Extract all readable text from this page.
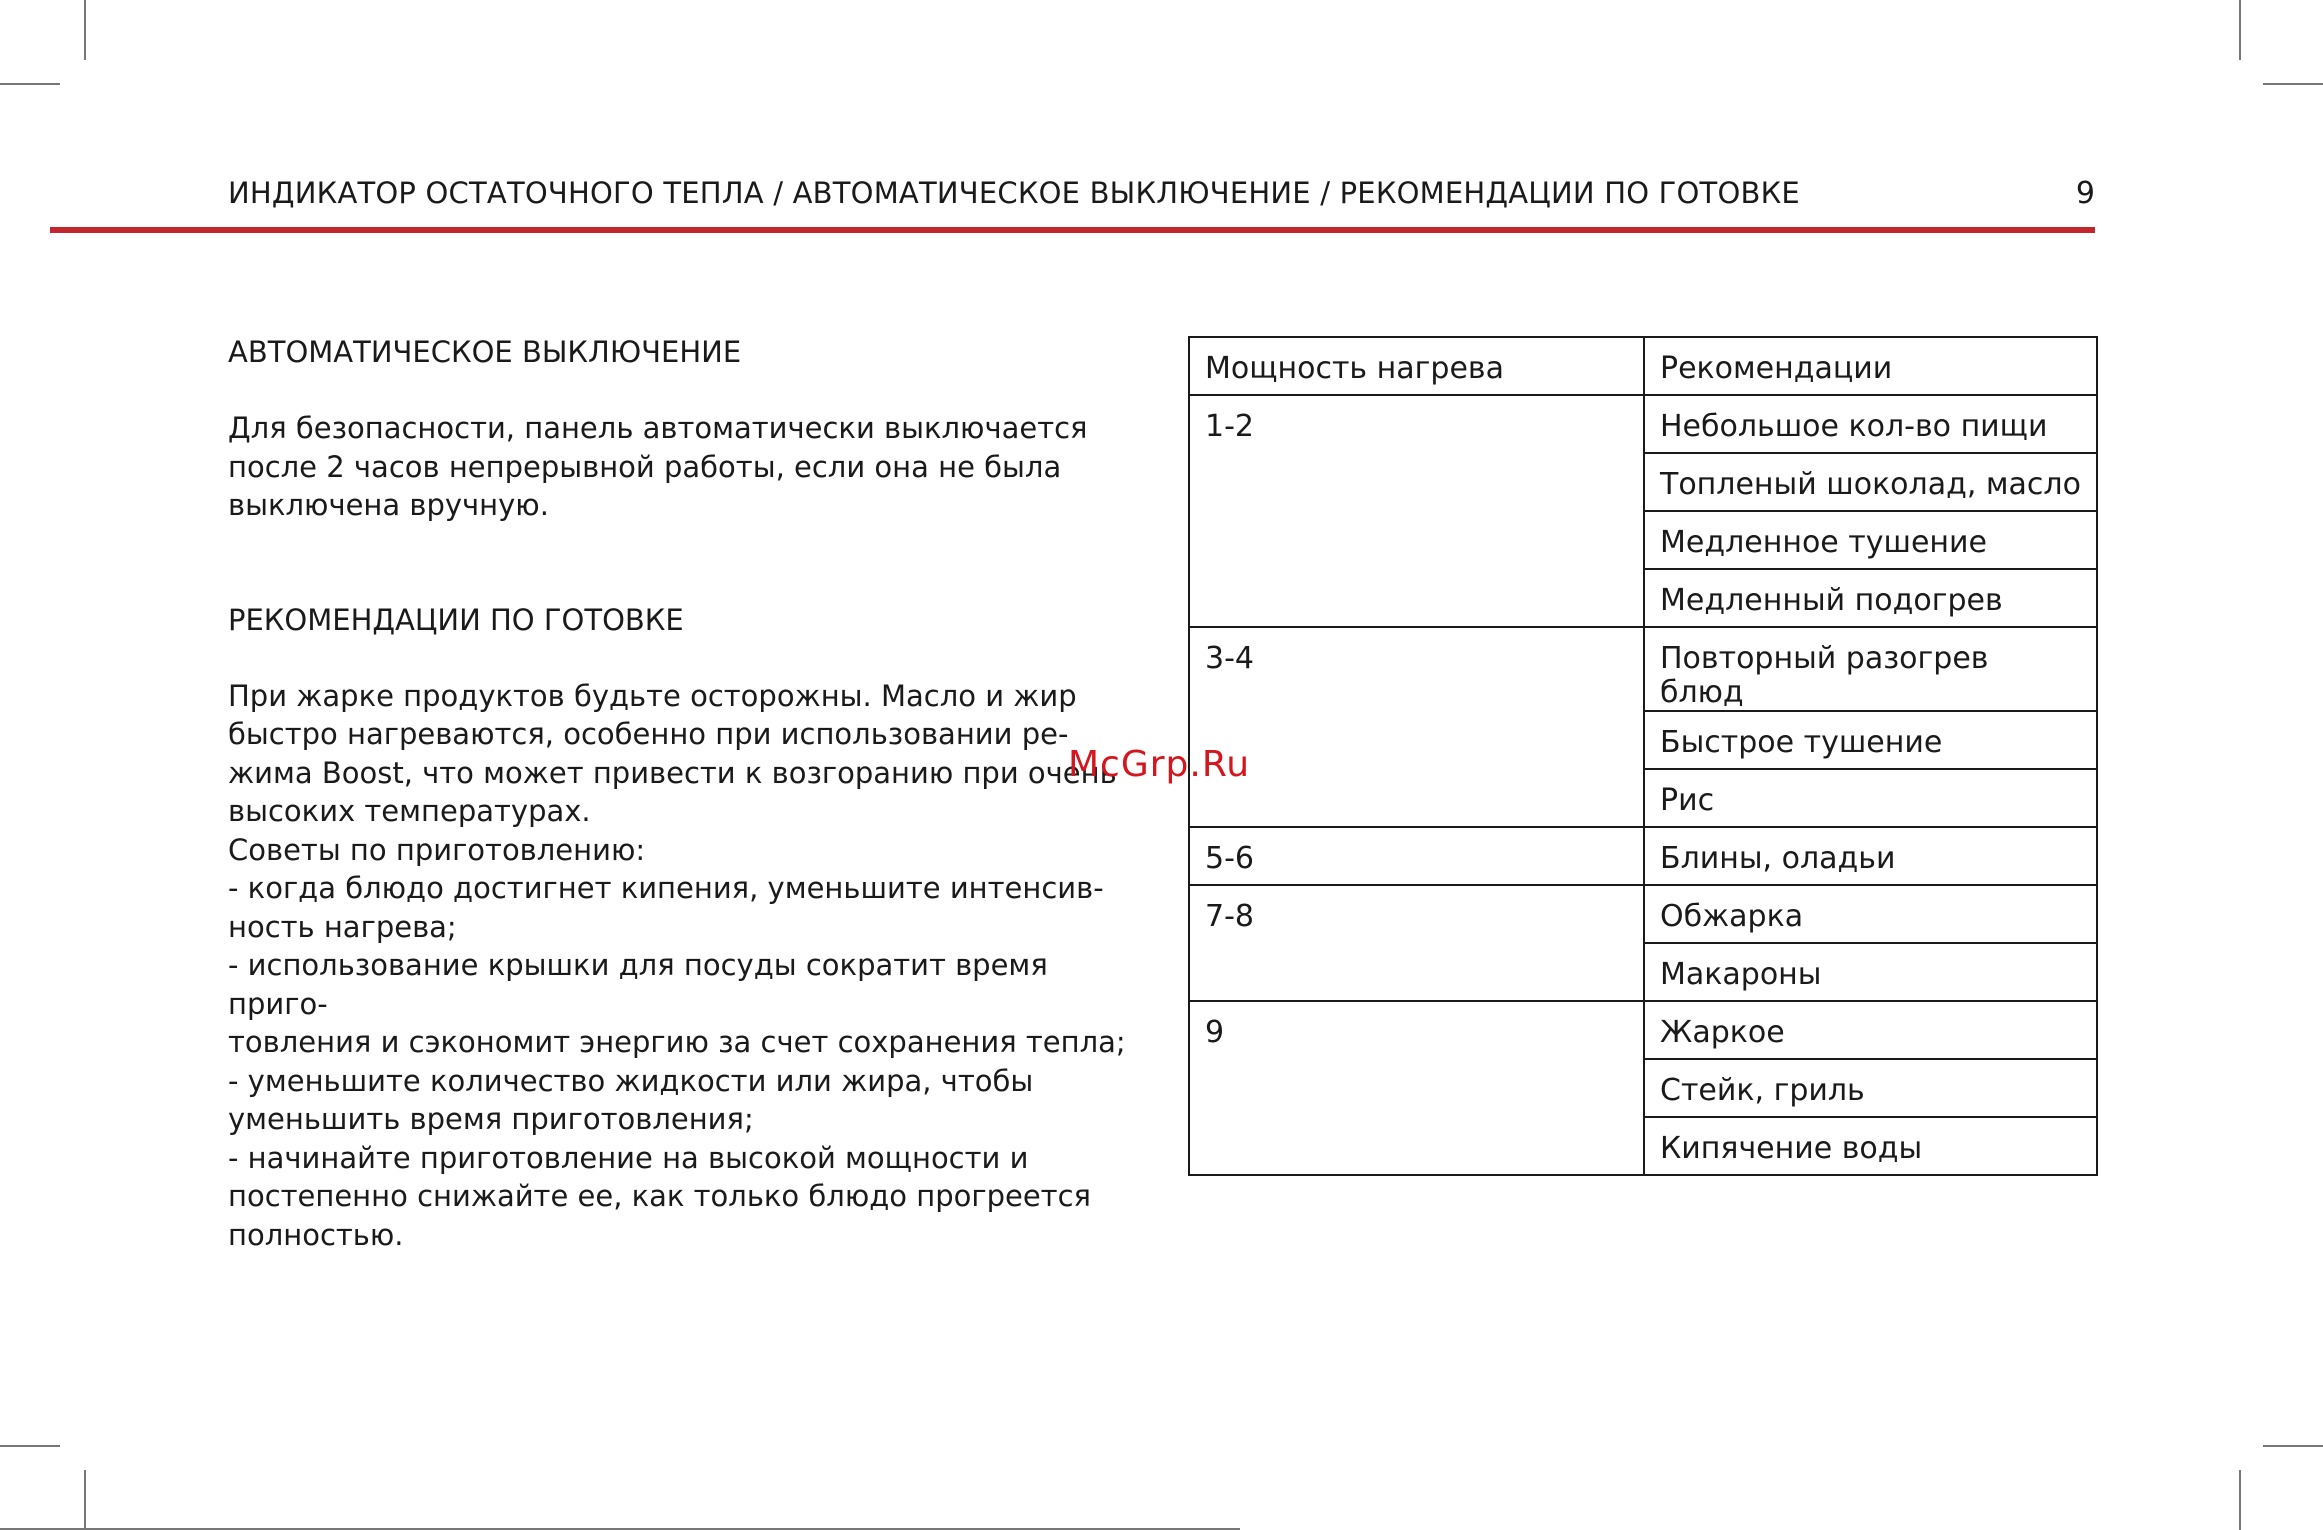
ИНДИКАТОР ОСТАТОЧНОГО ТЕПЛА / АВТОМАТИЧЕСКОЕ ВЫКЛЮЧЕНИЕ / РЕКОМЕНДАЦИИ ПО ГОТОВКЕ	9
АВТОМАТИЧЕСКОЕ ВЫКЛЮЧЕНИЕ

Для безопасности, панель автоматически выключается
после 2 часов непрерывной работы, если она не была
выключена вручную.

РЕКОМЕНДАЦИИ ПО ГОТОВКЕ

При жарке продуктов будьте осторожны. Масло и жир
быстро нагреваются, особенно при использовании ре-
жима Boost, что может привести к возгоранию при очень
высоких температурах.
Советы по приготовлению:
- когда блюдо достигнет кипения, уменьшите интенсив-
ность нагрева;
- использование крышки для посуды сократит время приго-
товления и сэкономит энергию за счет сохранения тепла;
- уменьшите количество жидкости или жира, чтобы
уменьшить время приготовления;
- начинайте приготовление на высокой мощности и
постепенно снижайте ее, как только блюдо прогреется
полностью.

Мощность нагрева	Рекомендации
1-2	Небольшое кол-во пищи
	Топленый шоколад, масло
	Медленное тушение
	Медленный подогрев
3-4	Повторный разогрев блюд
	Быстрое тушение
	Рис
5-6	Блины, оладьи
7-8	Обжарка
	Макароны
9	Жаркое
	Стейк, гриль
	Кипячение воды
McGrp.Ru
